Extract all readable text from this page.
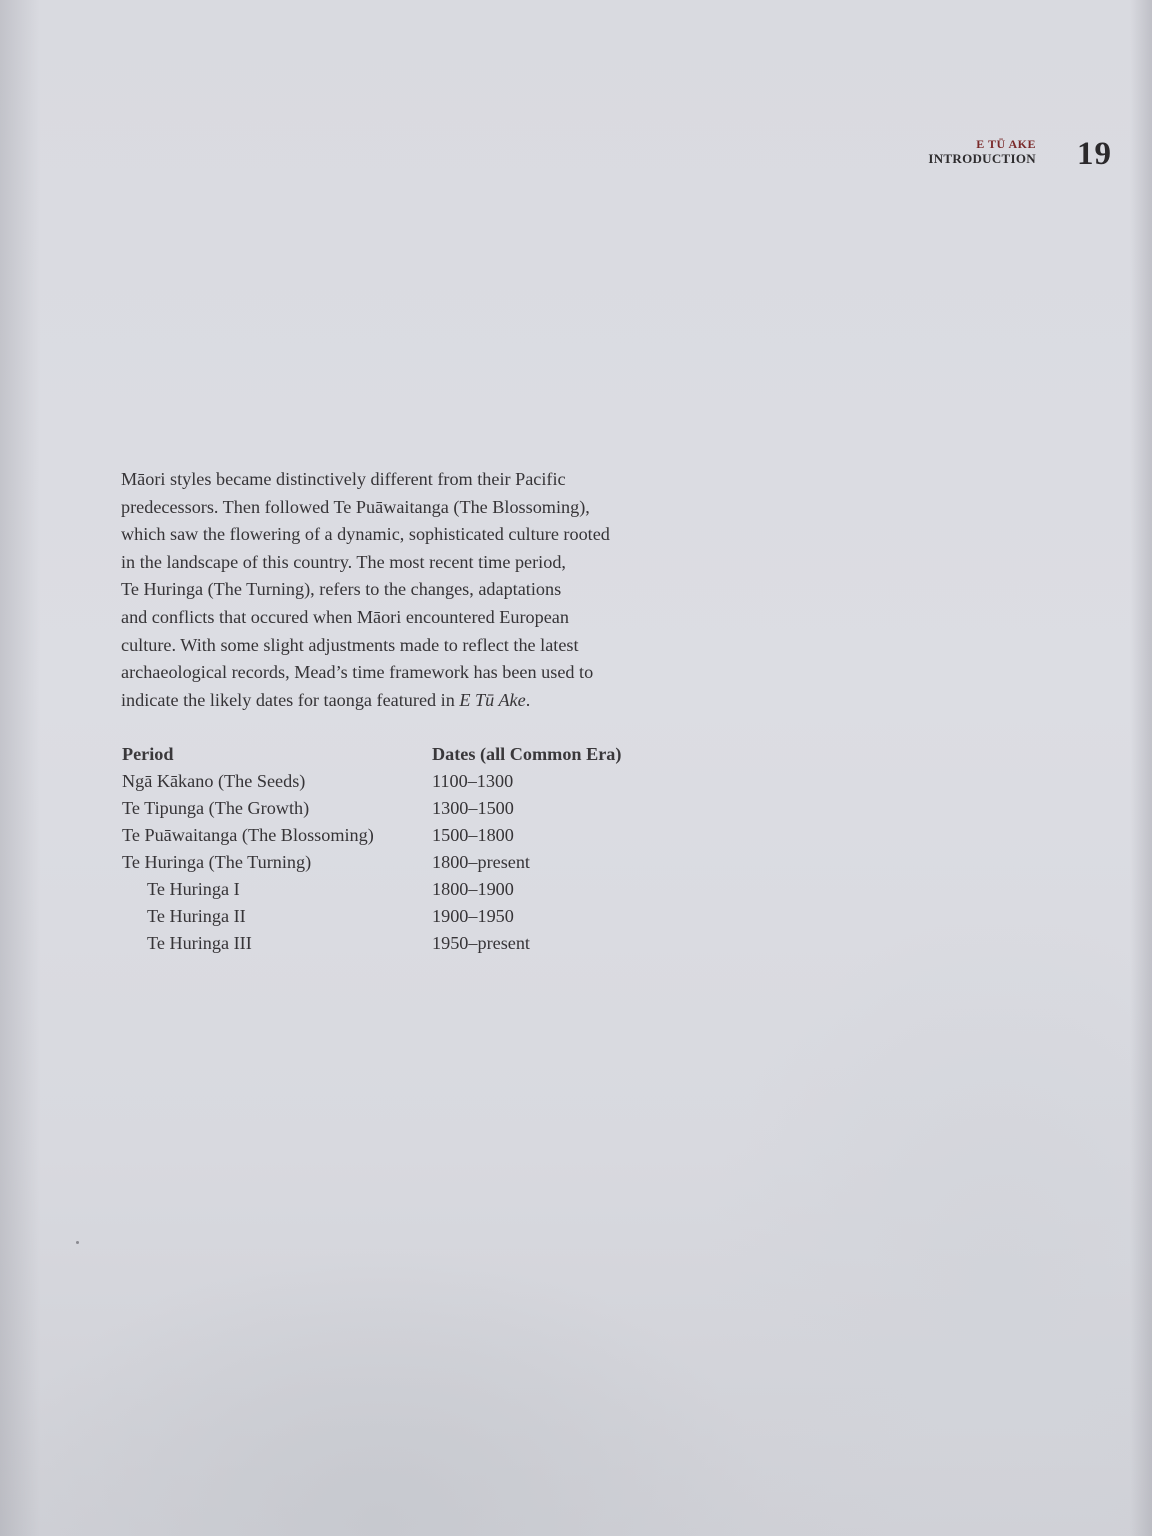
E TŪ AKE
INTRODUCTION 19

Māori styles became distinctively different from their Pacific
predecessors. Then followed Te Puāwaitanga (The Blossoming),
which saw the flowering of a dynamic, sophisticated culture rooted
in the landscape of this country. The most recent time period,
Te Huringa (The Turning), refers to the changes, adaptations
and conflicts that occured when Māori encountered European
culture. With some slight adjustments made to reflect the latest
archaeological records, Mead’s time framework has been used to
indicate the likely dates for taonga featured in E Tū Ake.

Period	Dates (all Common Era)
Ngā Kākano (The Seeds)	1100–1300
Te Tipunga (The Growth)	1300–1500
Te Puāwaitanga (The Blossoming)	1500–1800
Te Huringa (The Turning)	1800–present
Te Huringa I	1800–1900
Te Huringa II	1900–1950
Te Huringa III	1950–present
